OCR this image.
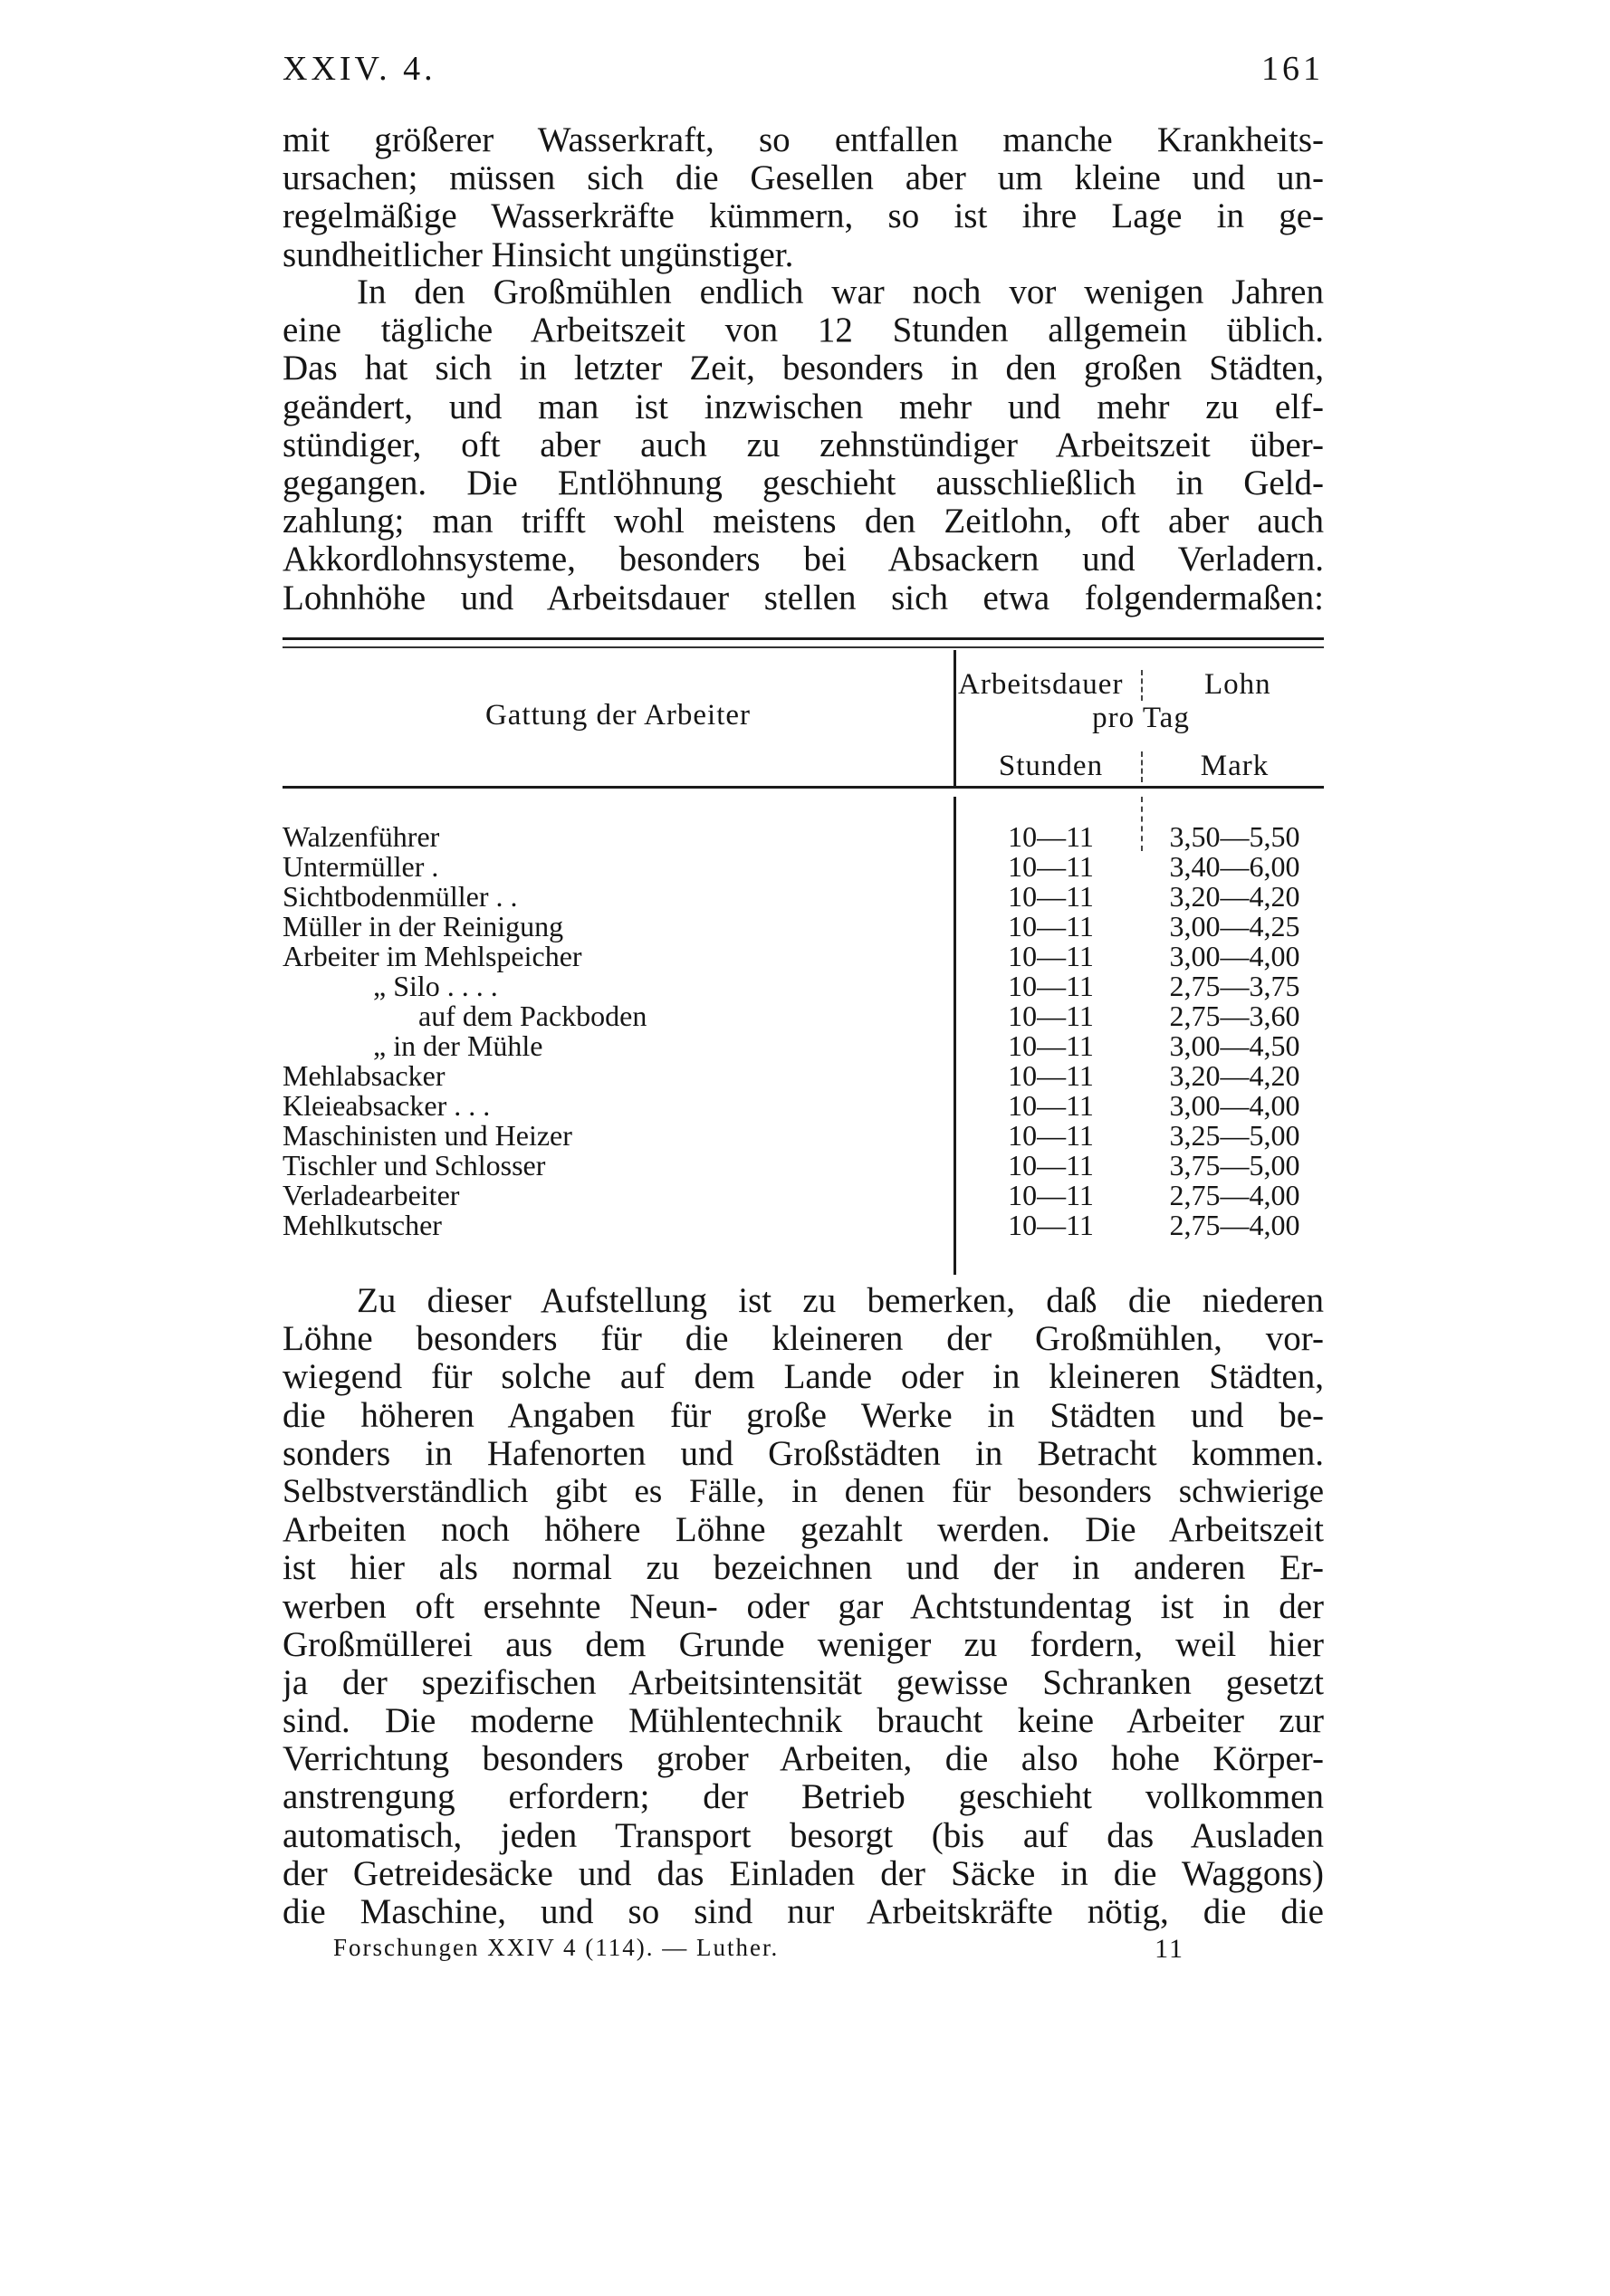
XXIV. 4.	161
mit größerer Wasserkraft, so entfallen manche Krankheits-
ursachen; müssen sich die Gesellen aber um kleine und un-
regelmäßige Wasserkräfte kümmern, so ist ihre Lage in ge-
sundheitlicher Hinsicht ungünstiger.
In den Großmühlen endlich war noch vor wenigen Jahren
eine tägliche Arbeitszeit von 12 Stunden allgemein üblich.
Das hat sich in letzter Zeit, besonders in den großen Städten,
geändert, und man ist inzwischen mehr und mehr zu elf-
stündiger, oft aber auch zu zehnstündiger Arbeitszeit über-
gegangen. Die Entlöhnung geschieht ausschließlich in Geld-
zahlung; man trifft wohl meistens den Zeitlohn, oft aber auch
Akkordlohnsysteme, besonders bei Absackern und Verladern.
Lohnhöhe und Arbeitsdauer stellen sich etwa folgendermaßen:
Gattung der Arbeiter
Arbeitsdauer	Lohn
pro Tag
Stunden	Mark
Walzenführer	10—11	3,50—5,50
Untermüller .	10—11	3,40—6,00
Sichtbodenmüller . .	10—11	3,20—4,20
Müller in der Reinigung	10—11	3,00—4,25
Arbeiter im Mehlspeicher	10—11	3,00—4,00
„ Silo . . . .	10—11	2,75—3,75
auf dem Packboden	10—11	2,75—3,60
„ in der Mühle	10—11	3,00—4,50
Mehlabsacker	10—11	3,20—4,20
Kleieabsacker . . .	10—11	3,00—4,00
Maschinisten und Heizer	10—11	3,25—5,00
Tischler und Schlosser	10—11	3,75—5,00
Verladearbeiter	10—11	2,75—4,00
Mehlkutscher	10—11	2,75—4,00
Zu dieser Aufstellung ist zu bemerken, daß die niederen
Löhne besonders für die kleineren der Großmühlen, vor-
wiegend für solche auf dem Lande oder in kleineren Städten,
die höheren Angaben für große Werke in Städten und be-
sonders in Hafenorten und Großstädten in Betracht kommen.
Selbstverständlich gibt es Fälle, in denen für besonders schwierige
Arbeiten noch höhere Löhne gezahlt werden. Die Arbeitszeit
ist hier als normal zu bezeichnen und der in anderen Er-
werben oft ersehnte Neun- oder gar Achtstundentag ist in der
Großmüllerei aus dem Grunde weniger zu fordern, weil hier
ja der spezifischen Arbeitsintensität gewisse Schranken gesetzt
sind. Die moderne Mühlentechnik braucht keine Arbeiter zur
Verrichtung besonders grober Arbeiten, die also hohe Körper-
anstrengung erfordern; der Betrieb geschieht vollkommen
automatisch, jeden Transport besorgt (bis auf das Ausladen
der Getreidesäcke und das Einladen der Säcke in die Waggons)
die Maschine, und so sind nur Arbeitskräfte nötig, die die
Forschungen XXIV 4 (114). — Luther.	11
